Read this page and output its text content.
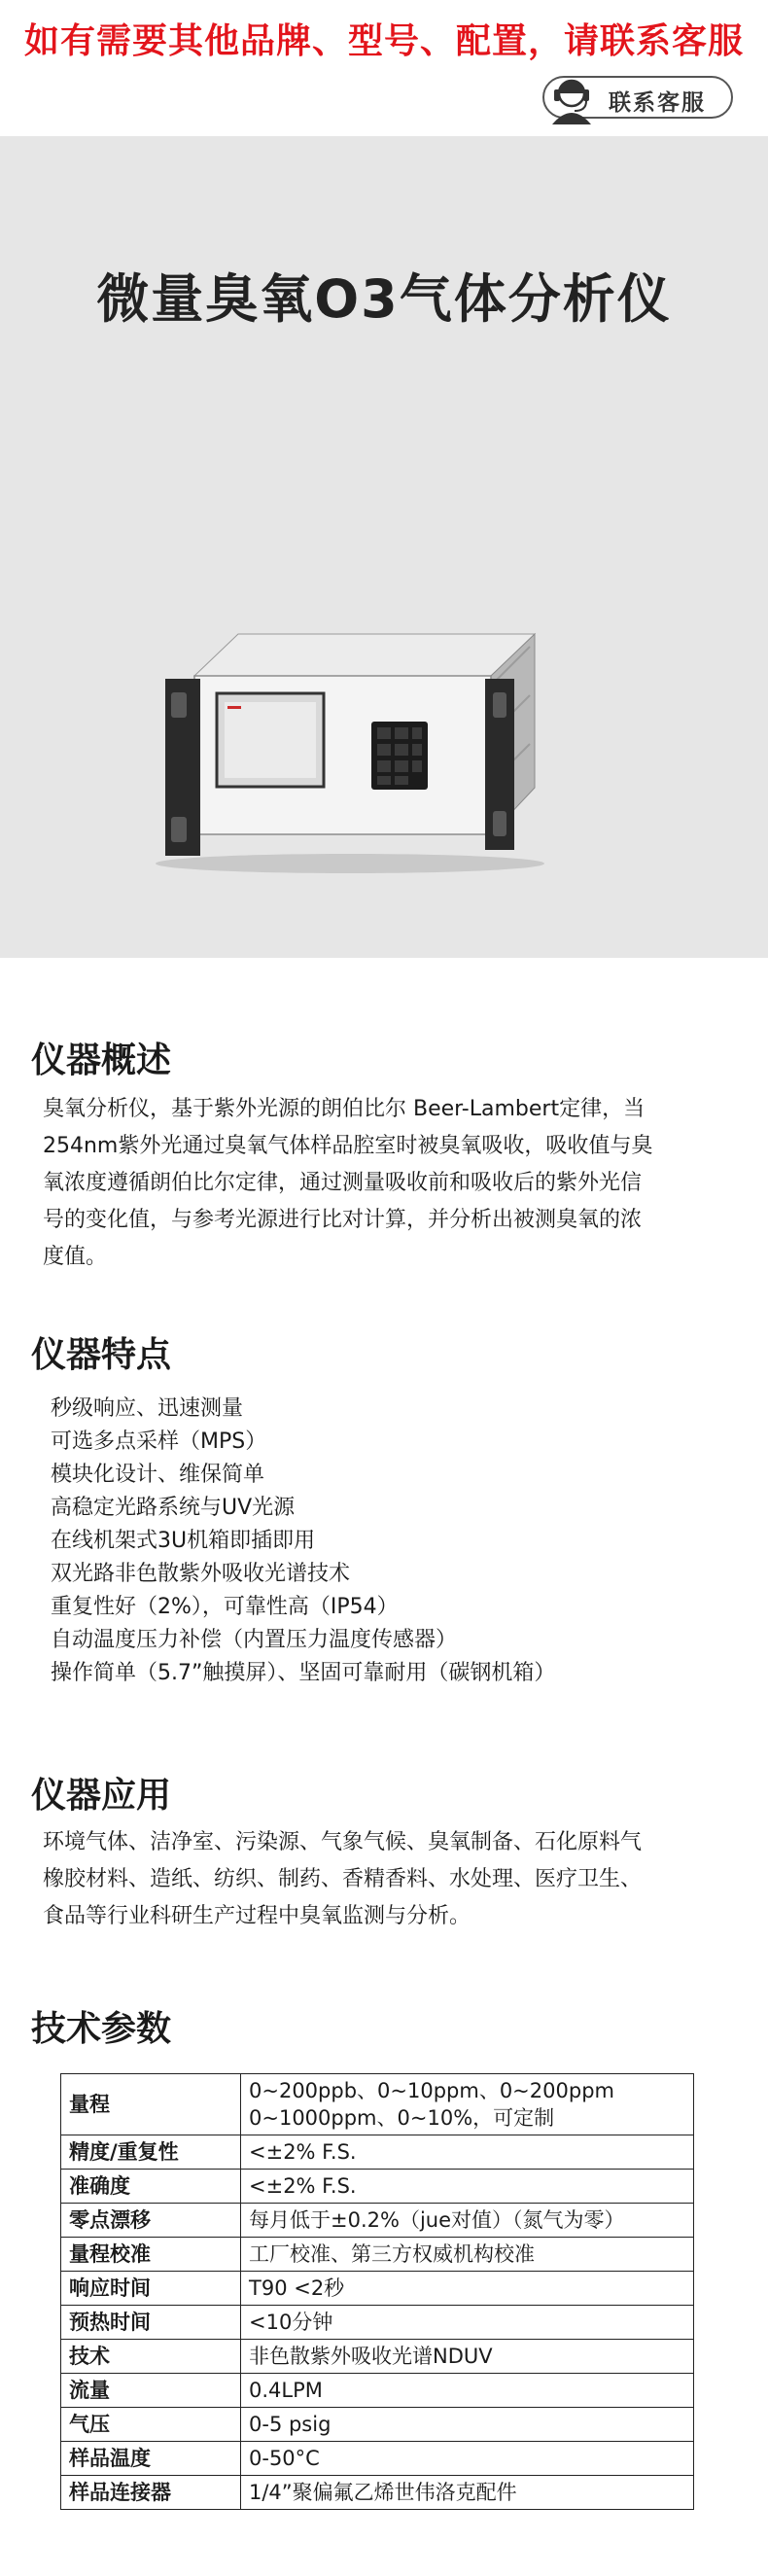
如有需要其他品牌、型号、配置，请联系客服
联系客服
微量臭氧O3气体分析仪
仪器概述
臭氧分析仪，基于紫外光源的朗伯比尔 Beer-Lambert定律，当
254nm紫外光通过臭氧气体样品腔室时被臭氧吸收，吸收值与臭
氧浓度遵循朗伯比尔定律，通过测量吸收前和吸收后的紫外光信
号的变化值，与参考光源进行比对计算，并分析出被测臭氧的浓
度值。
仪器特点
秒级响应、迅速测量
可选多点采样（MPS）
模块化设计、维保简单
高稳定光路系统与UV光源
在线机架式3U机箱即插即用
双光路非色散紫外吸收光谱技术
重复性好（2%），可靠性高（IP54）
自动温度压力补偿（内置压力温度传感器）
操作简单（5.7”触摸屏）、坚固可靠耐用（碳钢机箱）
仪器应用
环境气体、洁净室、污染源、气象气候、臭氧制备、石化原料气
橡胶材料、造纸、纺织、制药、香精香料、水处理、医疗卫生、
食品等行业科研生产过程中臭氧监测与分析。
技术参数
量程	0~200ppb、0~10ppm、0~200ppm
0~1000ppm、0~10%，可定制

精度/重复性	<±2% F.S.
准确度	<±2% F.S.
零点漂移	每月低于±0.2%（jue对值）（氮气为零）
量程校准	工厂校准、第三方权威机构校准
响应时间	T90 <2秒
预热时间	<10分钟
技术	非色散紫外吸收光谱NDUV
流量	0.4LPM
气压	0-5 psig
样品温度	0-50°C
样品连接器	1/4”聚偏氟乙烯世伟洛克配件
